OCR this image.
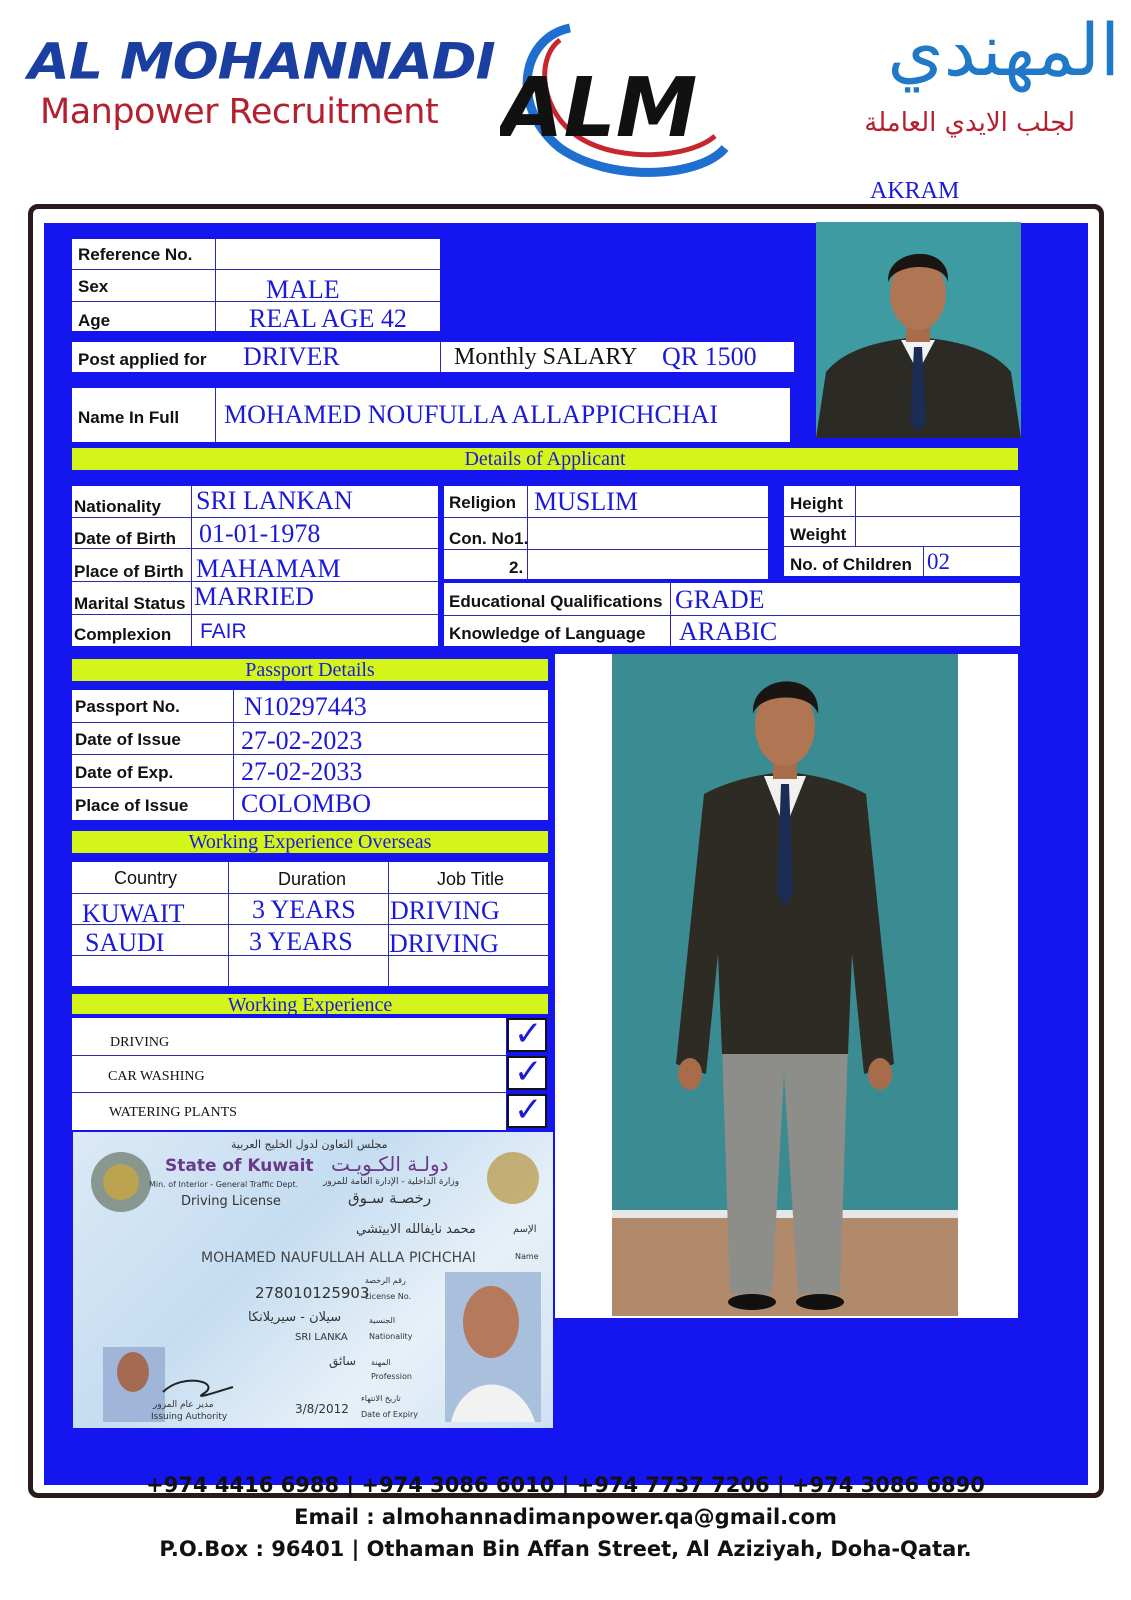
AL MOHANNADI
Manpower Recruitment ALM
المهندي
لجلب الايدي العاملة
AKRAM
Reference No.
Sex	MALE
Age	REAL AGE 42
Post applied for DRIVER	Monthly SALARY QR 1500
Name In Full MOHAMED NOUFULLA ALLAPPICHCHAI
Details of Applicant
Nationality SRI LANKAN
Date of Birth 01-01-1978
Place of Birth MAHAMAM
Marital Status MARRIED
Complexion FAIR
Religion MUSLIM
Con. No1.
2.
Height
Weight
No. of Children 02
Educational Qualifications GRADE
Knowledge of Language ARABIC
Passport Details
Passport No. N10297443
Date of Issue 27-02-2023
Date of Exp.	27-02-2033
Place of Issue COLOMBO
Working Experience Overseas
Country	Duration	Job Title
KUWAIT	3 YEARS DRIVING
SAUDI	3 YEARS DRIVING
Working Experience
DRIVING
CAR WASHING
WATERING PLANTS
✓
✓
✓
مجلس التعاون لدول الخليج العربية
State of Kuwait دولـة الكـويـت
Min. of Interior - General Traffic Dept.	وزارة الداخلية - الإدارة العامة للمرور
Driving License	رخصـة سـوق
محمد نايفالله الابيتشي	الإسم
MOHAMED NAUFULLAH ALLA PICHCHAI	Name
278010125903
رقم الرخصة
License No.
سيلان - سيريلانكا	الجنسية
SRI LANKA	Nationality
سائق المهنة
Profession
مدير عام المرور
Issuing Authority
3/8/2012
تاريخ الانتهاء
Date of Expiry
+974 4416 6988 | +974 3086 6010 | +974 7737 7206 | +974 3086 6890
Email : almohannadimanpower.qa@gmail.com
P.O.Box : 96401 | Othaman Bin Affan Street, Al Aziziyah, Doha-Qatar.
